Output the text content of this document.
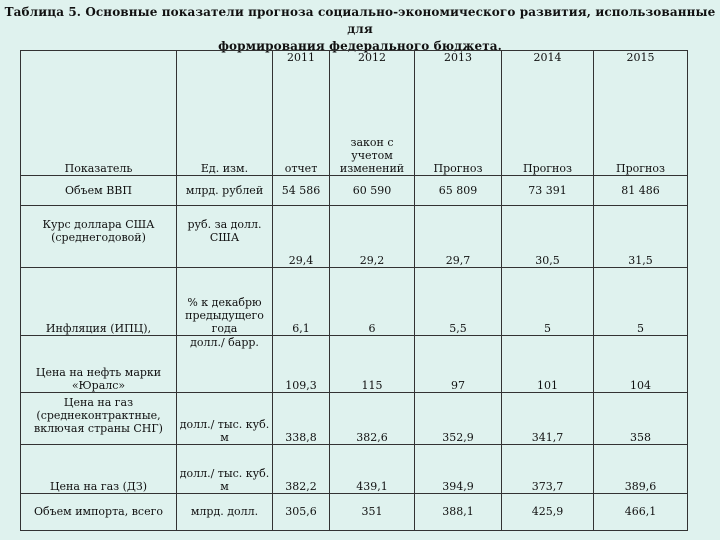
Таблица 5. Основные показатели прогноза социально-экономического развития, использованные для
формирования федерального бюджета.
Показатель	Ед. изм.	2011	2012	2013	2014	2015
		отчет	закон с учетом изменений	Прогноз	Прогноз	Прогноз
Объем ВВП	млрд. рублей	54 586	60 590	65 809	73 391	81 486
Курс доллара США (среднегодовой)	руб. за долл. США	29,4	29,2	29,7	30,5	31,5
Инфляция (ИПЦ),	% к декабрю предыдущего года	6,1	6	5,5	5	5
Цена на нефть марки «Юралс»	долл./ барр.	109,3	115	97	101	104
Цена на газ (среднеконтрактные, включая страны СНГ)	долл./ тыс. куб. м	338,8	382,6	352,9	341,7	358
Цена на газ (ДЗ)	долл./ тыс. куб. м	382,2	439,1	394,9	373,7	389,6
Объем импорта, всего	млрд. долл.	305,6	351	388,1	425,9	466,1
